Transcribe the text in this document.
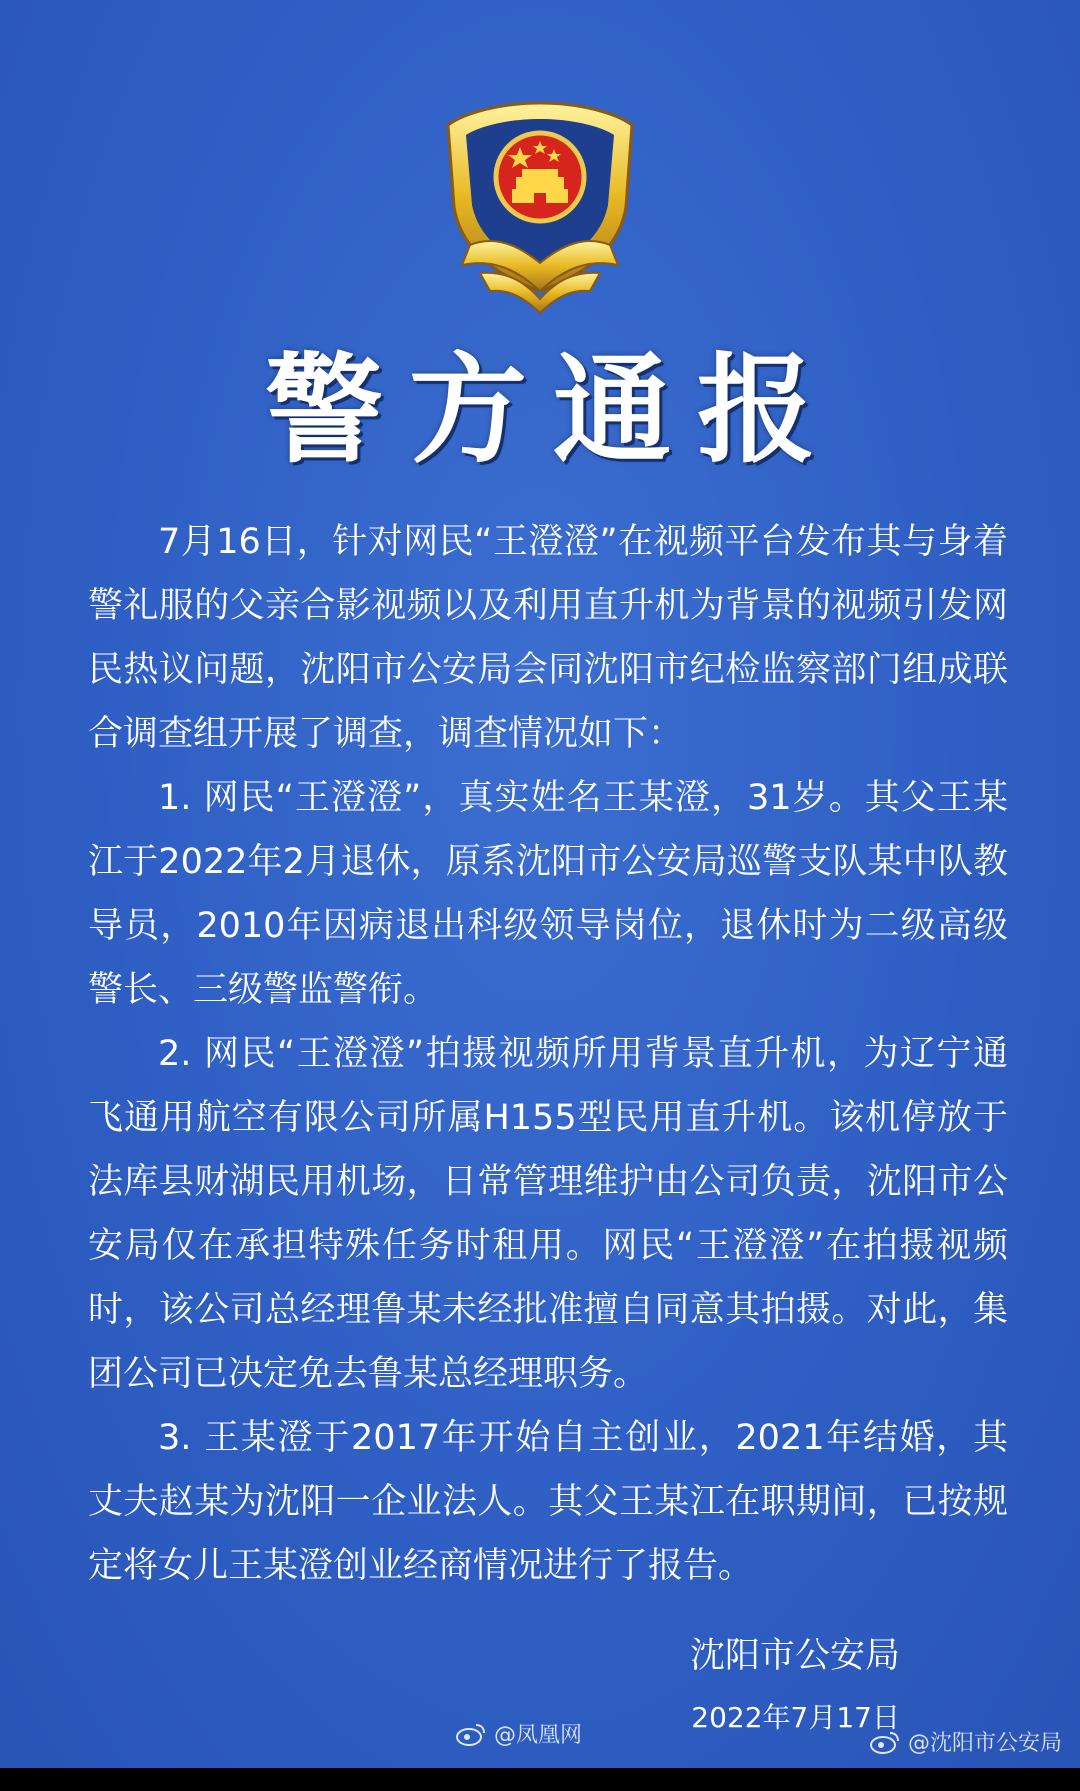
警方通报

7月16日，针对网民“王澄澄”在视频平台发布其与身着警礼服的父亲合影视频以及利用直升机为背景的视频引发网民热议问题，沈阳市公安局会同沈阳市纪检监察部门组成联合调查组开展了调查，调查情况如下：

1. 网民“王澄澄”，真实姓名王某澄，31岁。其父王某江于2022年2月退休，原系沈阳市公安局巡警支队某中队教导员，2010年因病退出科级领导岗位，退休时为二级高级警长、三级警监警衔。

2. 网民“王澄澄”拍摄视频所用背景直升机，为辽宁通飞通用航空有限公司所属H155型民用直升机。该机停放于法库县财湖民用机场，日常管理维护由公司负责，沈阳市公安局仅在承担特殊任务时租用。网民“王澄澄”在拍摄视频时，该公司总经理鲁某未经批准擅自同意其拍摄。对此，集团公司已决定免去鲁某总经理职务。

3. 王某澄于2017年开始自主创业，2021年结婚，其丈夫赵某为沈阳一企业法人。其父王某江在职期间，已按规定将女儿王某澄创业经商情况进行了报告。

沈阳市公安局
2022年7月17日
@凤凰网	@沈阳市公安局
